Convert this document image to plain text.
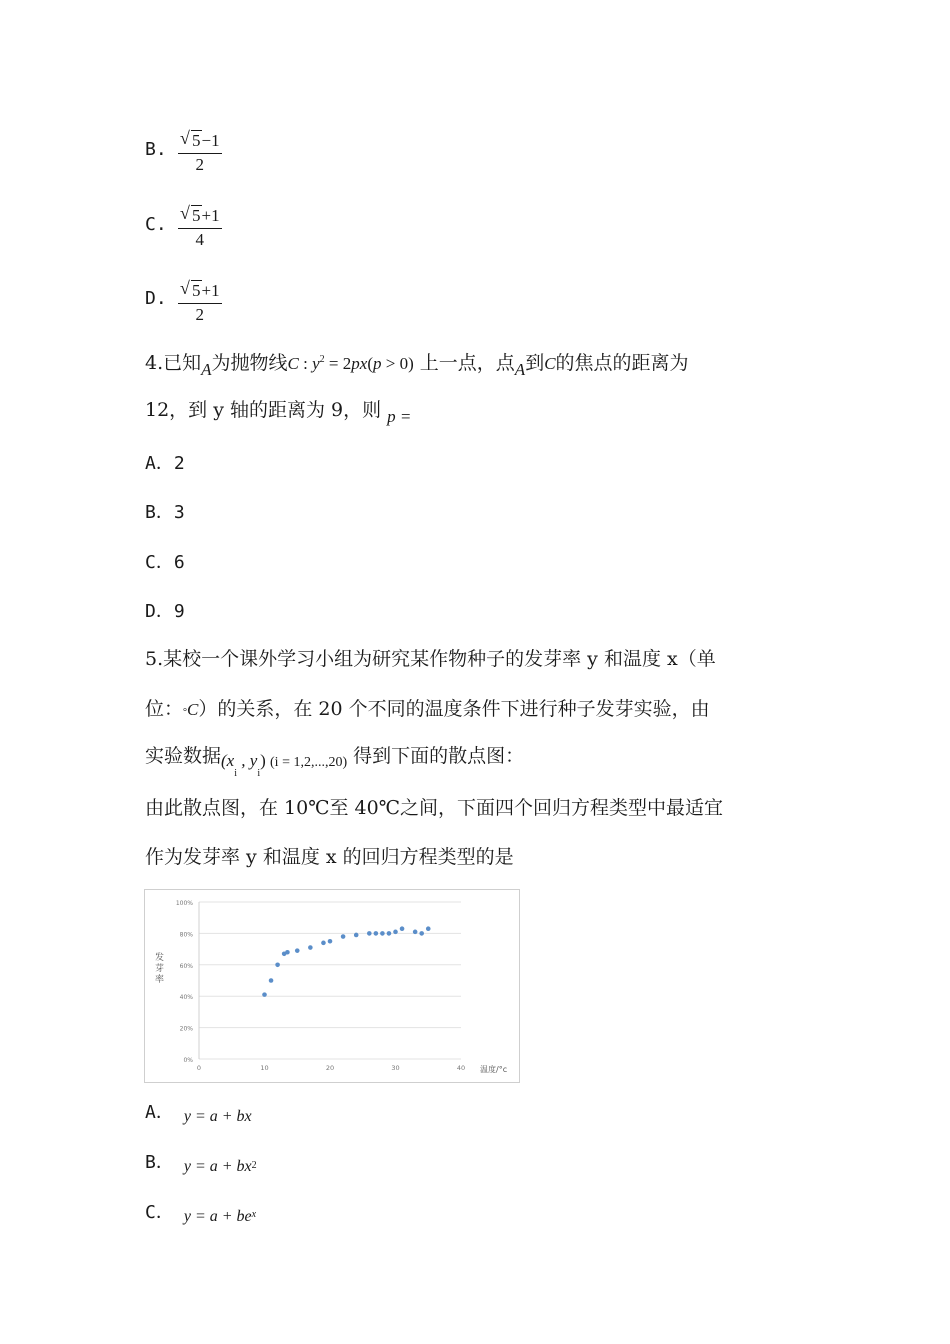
B. $\frac{√ 5-1}{2}$
C. $\frac{√ 5+1}{4}$
D. $\frac{√ 5+1}{2}$
4.已知A为抛物线C : $y^2 = 2px(p > 0)$ 上一点，点A到C的焦点的距离为
12，到 y 轴的距离为 9，则 p =
A．2
B．3
C．6
D．9
5.某校一个课外学习小组为研究某作物种子的发芽率 y 和温度 x（单
位：°C）的关系，在 20 个不同的温度条件下进行种子发芽实验，由
实验数据($x_i$ , $y_i$) (i = 1,2,...,20) 得到下面的散点图：
由此散点图，在 10℃至 40℃之间，下面四个回归方程类型中最适宜
作为发芽率 y 和温度 x 的回归方程类型的是
0%
20%
40%
60%
80%
100%
0	10	20	30	40
发芽率
温度/°c
A． y = a + bx
B． y = a + bx2
C． y = a + bex
